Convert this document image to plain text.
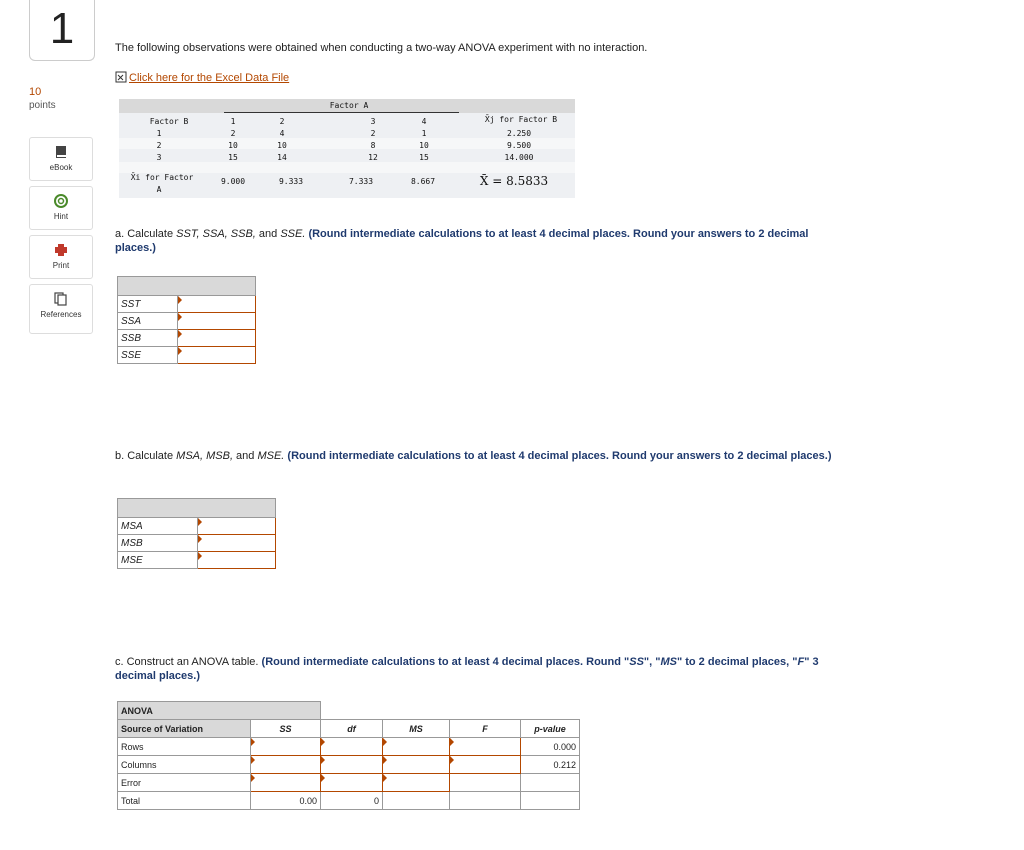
1
10
points
eBook
Hint
Print
References
The following observations were obtained when conducting a two-way ANOVA experiment with no interaction.
Click here for the Excel Data File
Factor A
Factor B	1	2	3	4	X̄j for Factor B
1	2	4	2	1	2.250
2	10	10	8	10	9.500
3	15	14	12	15	14.000
X̄i for Factor
A
9.000	9.333	7.333	8.667	X̄ = 8.5833
a. Calculate SST, SSA, SSB, and SSE. (Round intermediate calculations to at least 4 decimal places. Round your answers to 2 decimal places.)

SST	
SSA	
SSB	
SSE	
b. Calculate MSA, MSB, and MSE. (Round intermediate calculations to at least 4 decimal places. Round your answers to 2 decimal places.)

MSA	
MSB	
MSE	
c. Construct an ANOVA table. (Round intermediate calculations to at least 4 decimal places. Round "SS", "MS" to 2 decimal places, "F" 3 decimal places.)
ANOVA					
Source of Variation	SS	df	MS	F	p-value
Rows					0.000
Columns					0.212
Error					
Total	0.00	0			
